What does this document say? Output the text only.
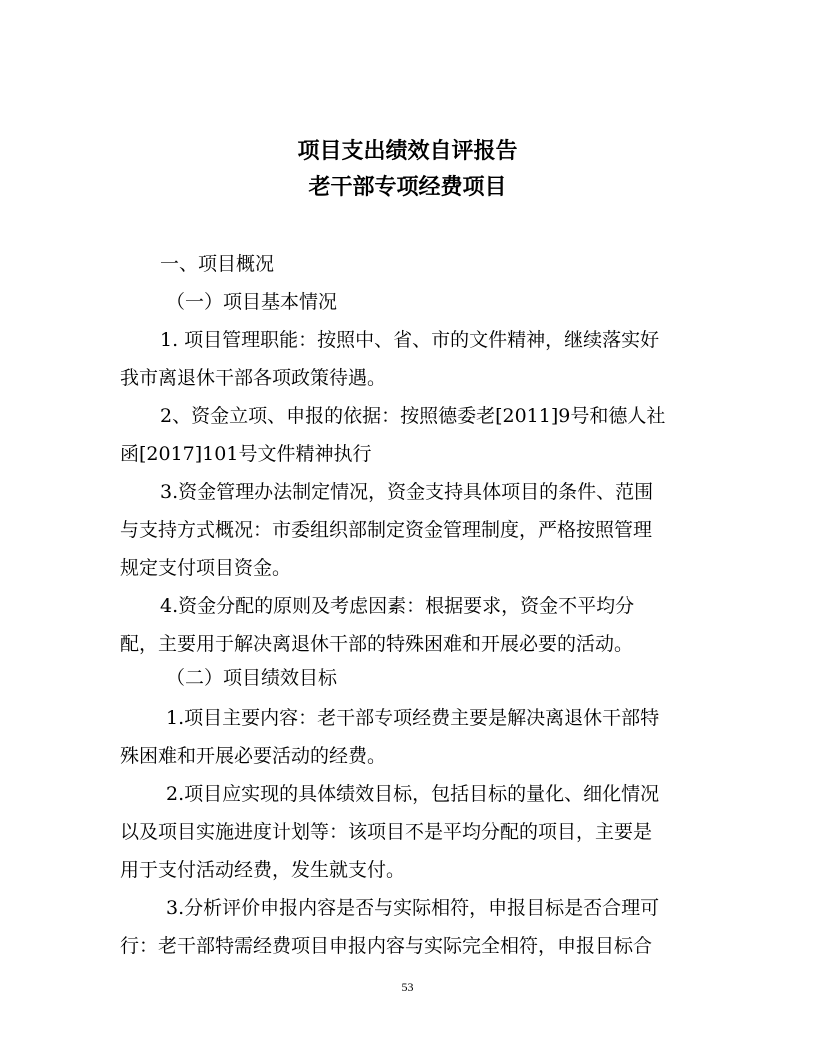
项目支出绩效自评报告
老干部专项经费项目
一、项目概况
（一）项目基本情况
1. 项目管理职能：按照中、省、市的文件精神，继续落实好
我市离退休干部各项政策待遇。
2、资金立项、申报的依据：按照德委老[2011]9号和德人社
函[2017]101号文件精神执行
3.资金管理办法制定情况，资金支持具体项目的条件、范围
与支持方式概况：市委组织部制定资金管理制度，严格按照管理
规定支付项目资金。
4.资金分配的原则及考虑因素：根据要求，资金不平均分
配，主要用于解决离退休干部的特殊困难和开展必要的活动。
（二）项目绩效目标
1.项目主要内容：老干部专项经费主要是解决离退休干部特
殊困难和开展必要活动的经费。
2.项目应实现的具体绩效目标，包括目标的量化、细化情况
以及项目实施进度计划等：该项目不是平均分配的项目，主要是
用于支付活动经费，发生就支付。
3.分析评价申报内容是否与实际相符，申报目标是否合理可
行：老干部特需经费项目申报内容与实际完全相符，申报目标合
53
